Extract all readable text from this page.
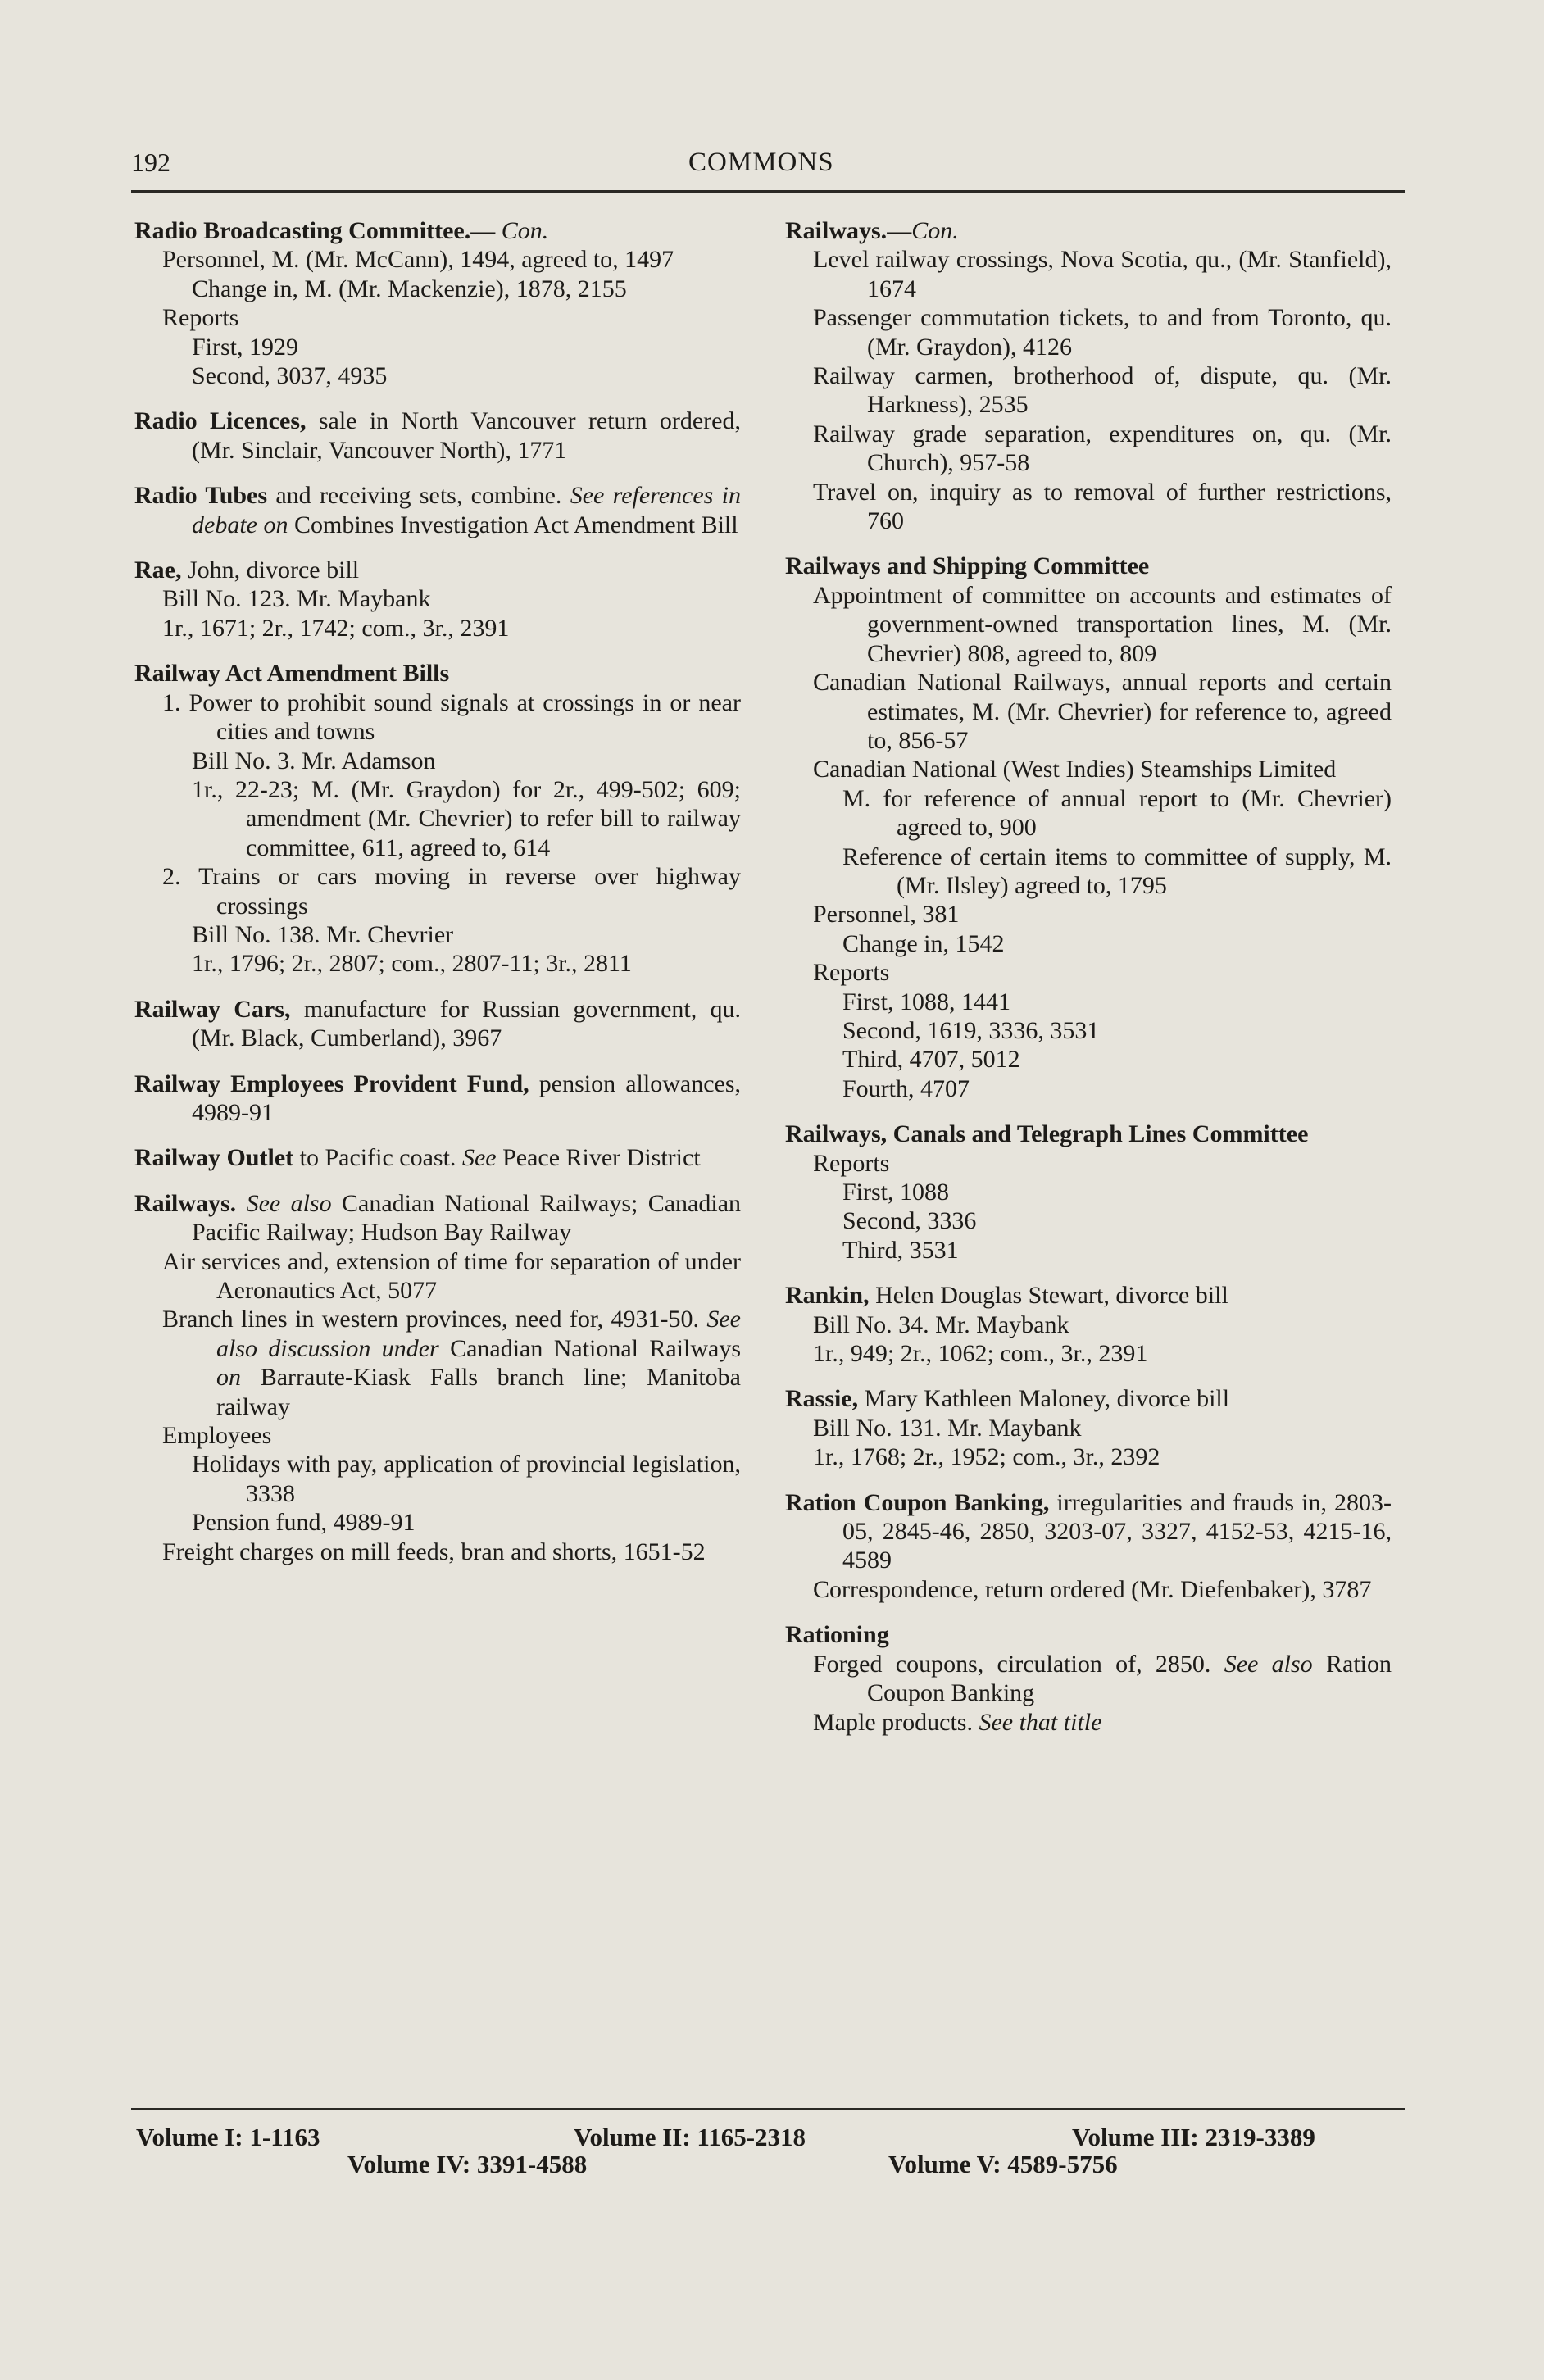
192	COMMONS
Radio Broadcasting Committee.— Con.
Personnel, M. (Mr. McCann), 1494, agreed to, 1497
Change in, M. (Mr. Mackenzie), 1878, 2155
Reports
First, 1929
Second, 3037, 4935
Radio Licences, sale in North Vancouver return ordered, (Mr. Sinclair, Vancouver North), 1771
Radio Tubes and receiving sets, combine. See references in debate on Combines Investigation Act Amendment Bill
Rae, John, divorce bill
Bill No. 123. Mr. Maybank
1r., 1671; 2r., 1742; com., 3r., 2391
Railway Act Amendment Bills
1. Power to prohibit sound signals at crossings in or near cities and towns
Bill No. 3. Mr. Adamson
1r., 22-23; M. (Mr. Graydon) for 2r., 499-502; 609; amendment (Mr. Chevrier) to refer bill to railway committee, 611, agreed to, 614
2. Trains or cars moving in reverse over highway crossings
Bill No. 138. Mr. Chevrier
1r., 1796; 2r., 2807; com., 2807-11; 3r., 2811
Railway Cars, manufacture for Russian government, qu. (Mr. Black, Cumberland), 3967
Railway Employees Provident Fund, pension allowances, 4989-91
Railway Outlet to Pacific coast. See Peace River District
Railways. See also Canadian National Railways; Canadian Pacific Railway; Hudson Bay Railway
Air services and, extension of time for separation of under Aeronautics Act, 5077
Branch lines in western provinces, need for, 4931-50. See also discussion under Canadian National Railways on Barraute-Kiask Falls branch line; Manitoba railway
Employees
Holidays with pay, application of provincial legislation, 3338
Pension fund, 4989-91
Freight charges on mill feeds, bran and shorts, 1651-52
Railways.—Con.
Level railway crossings, Nova Scotia, qu., (Mr. Stanfield), 1674
Passenger commutation tickets, to and from Toronto, qu. (Mr. Graydon), 4126
Railway carmen, brotherhood of, dispute, qu. (Mr. Harkness), 2535
Railway grade separation, expenditures on, qu. (Mr. Church), 957-58
Travel on, inquiry as to removal of further restrictions, 760
Railways and Shipping Committee
Appointment of committee on accounts and estimates of government-owned transportation lines, M. (Mr. Chevrier) 808, agreed to, 809
Canadian National Railways, annual reports and certain estimates, M. (Mr. Chevrier) for reference to, agreed to, 856-57
Canadian National (West Indies) Steamships Limited
M. for reference of annual report to (Mr. Chevrier) agreed to, 900
Reference of certain items to committee of supply, M. (Mr. Ilsley) agreed to, 1795
Personnel, 381
Change in, 1542
Reports
First, 1088, 1441
Second, 1619, 3336, 3531
Third, 4707, 5012
Fourth, 4707
Railways, Canals and Telegraph Lines Committee
Reports
First, 1088
Second, 3336
Third, 3531
Rankin, Helen Douglas Stewart, divorce bill
Bill No. 34. Mr. Maybank
1r., 949; 2r., 1062; com., 3r., 2391
Rassie, Mary Kathleen Maloney, divorce bill
Bill No. 131. Mr. Maybank
1r., 1768; 2r., 1952; com., 3r., 2392
Ration Coupon Banking, irregularities and frauds in, 2803-05, 2845-46, 2850, 3203-07, 3327, 4152-53, 4215-16, 4589
Correspondence, return ordered (Mr. Diefenbaker), 3787
Rationing
Forged coupons, circulation of, 2850. See also Ration Coupon Banking
Maple products. See that title
Volume I: 1-1163	Volume II: 1165-2318	Volume III: 2319-3389
Volume IV: 3391-4588	Volume V: 4589-5756
